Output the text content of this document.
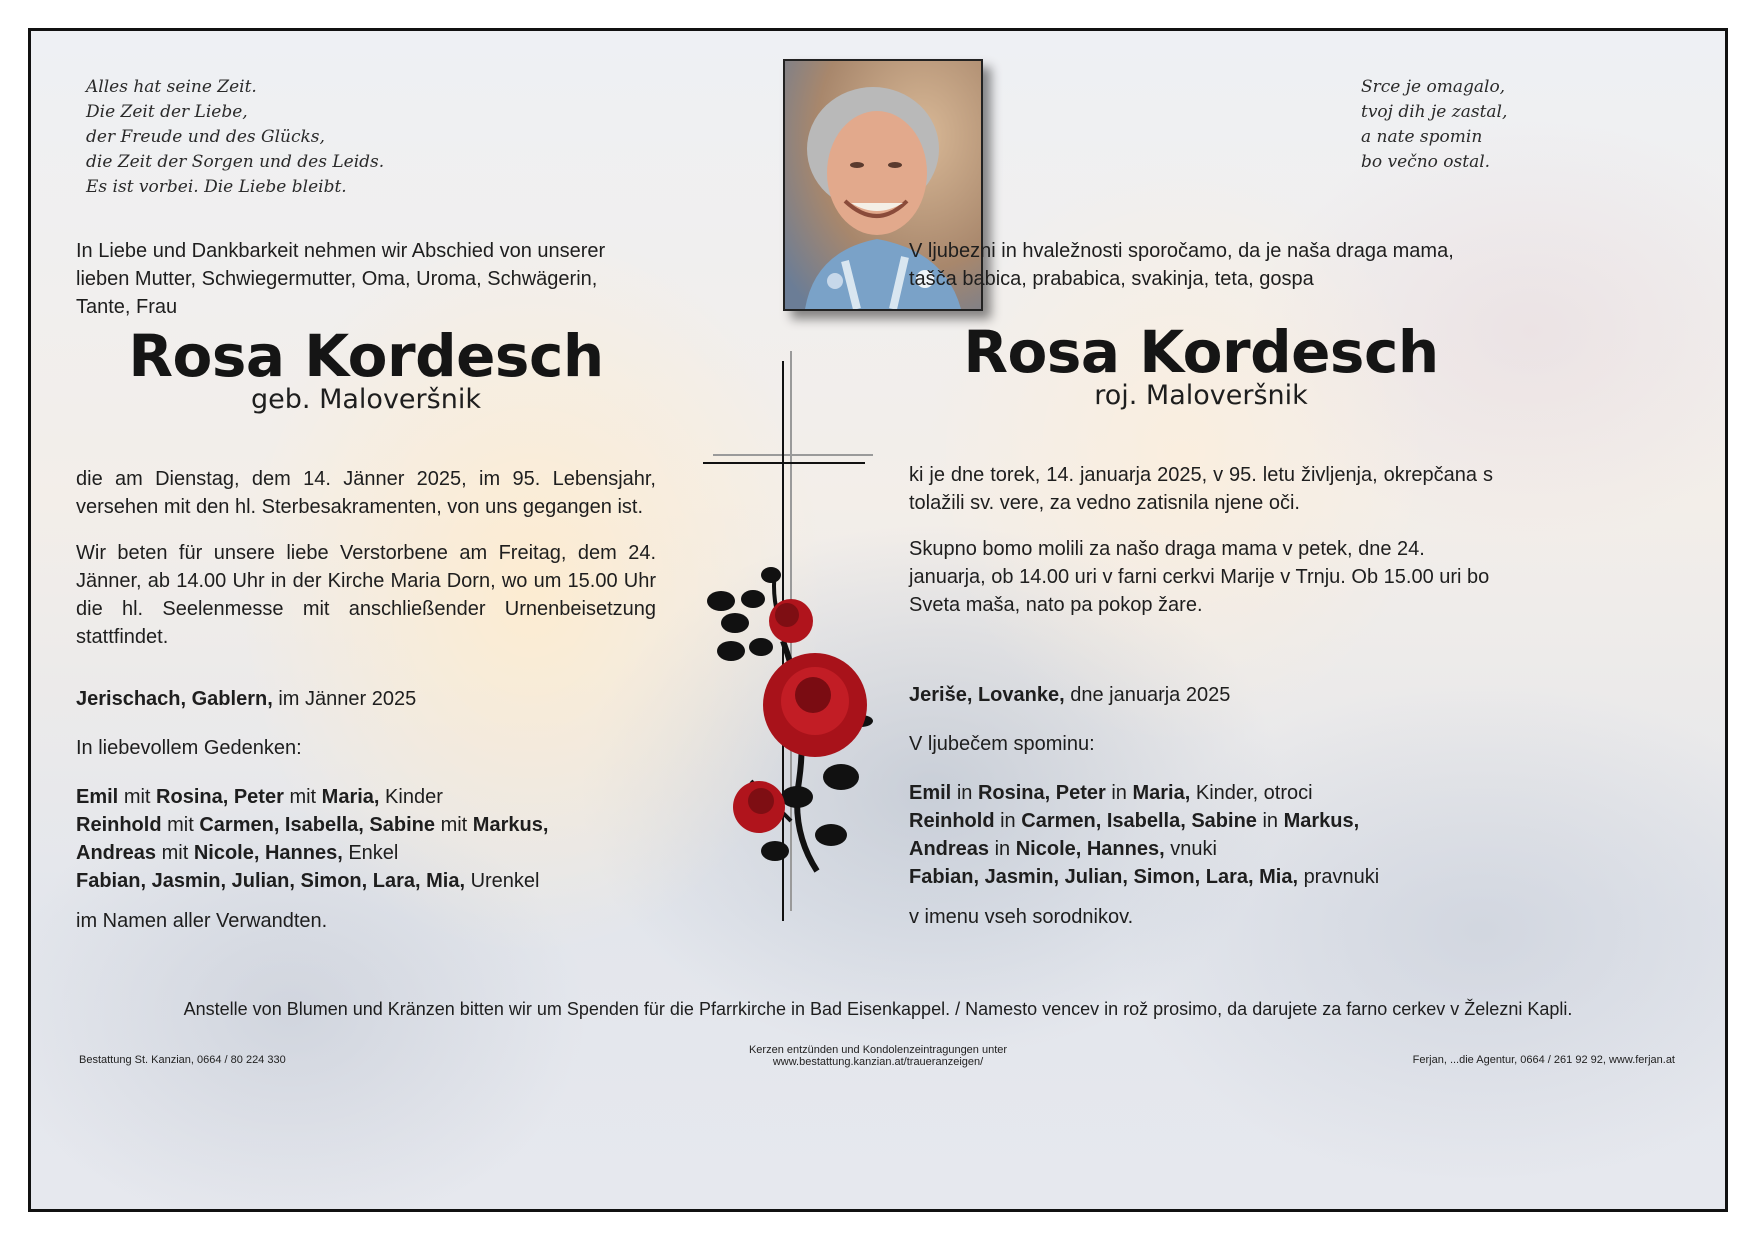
Alles hat seine Zeit.
Die Zeit der Liebe,
der Freude und des Glücks,
die Zeit der Sorgen und des Leids.
Es ist vorbei. Die Liebe bleibt.
Srce je omagalo,
tvoj dih je zastal,
a nate spomin
bo večno ostal.
In Liebe und Dankbarkeit nehmen wir Abschied von unserer lieben Mutter, Schwiegermutter, Oma, Uroma, Schwägerin, Tante, Frau
V ljubezni in hvaležnosti sporočamo, da je naša draga mama, tašča babica, prababica, svakinja, teta, gospa
Rosa Kordesch
geb. Maloveršnik
Rosa Kordesch
roj. Maloveršnik
die am Dienstag, dem 14. Jänner 2025, im 95. Lebensjahr, versehen mit den hl. Sterbesakramenten, von uns gegangen ist.
Wir beten für unsere liebe Verstorbene am Freitag, dem 24. Jänner, ab 14.00 Uhr in der Kirche Maria Dorn, wo um 15.00 Uhr die hl. Seelenmesse mit anschließender Urnenbeisetzung stattfindet.
ki je dne torek, 14. januarja 2025, v 95. letu življenja, okrepčana s tolažili sv. vere, za vedno zatisnila njene oči.
Skupno bomo molili za našo draga mama v petek, dne 24. januarja, ob 14.00 uri v farni cerkvi Marije v Trnju. Ob 15.00 uri bo Sveta maša, nato pa pokop žare.
Jerischach, Gablern, im Jänner 2025
In liebevollem Gedenken:
Emil mit Rosina, Peter mit Maria, Kinder
Reinhold mit Carmen, Isabella, Sabine mit Markus,
Andreas mit Nicole, Hannes, Enkel
Fabian, Jasmin, Julian, Simon, Lara, Mia, Urenkel
im Namen aller Verwandten.
Jeriše, Lovanke, dne januarja 2025
V ljubečem spominu:
Emil in Rosina, Peter in Maria, Kinder, otroci
Reinhold in Carmen, Isabella, Sabine in Markus,
Andreas in Nicole, Hannes, vnuki
Fabian, Jasmin, Julian, Simon, Lara, Mia, pravnuki
v imenu vseh sorodnikov.
Anstelle von Blumen und Kränzen bitten wir um Spenden für die Pfarrkirche in Bad Eisenkappel. / Namesto vencev in rož prosimo, da darujete za farno cerkev v Železni Kapli.
Bestattung St. Kanzian, 0664 / 80 224 330
Kerzen entzünden und Kondolenzeintragungen unter
www.bestattung.kanzian.at/traueranzeigen/	Ferjan, ...die Agentur, 0664 / 261 92 92, www.ferjan.at
